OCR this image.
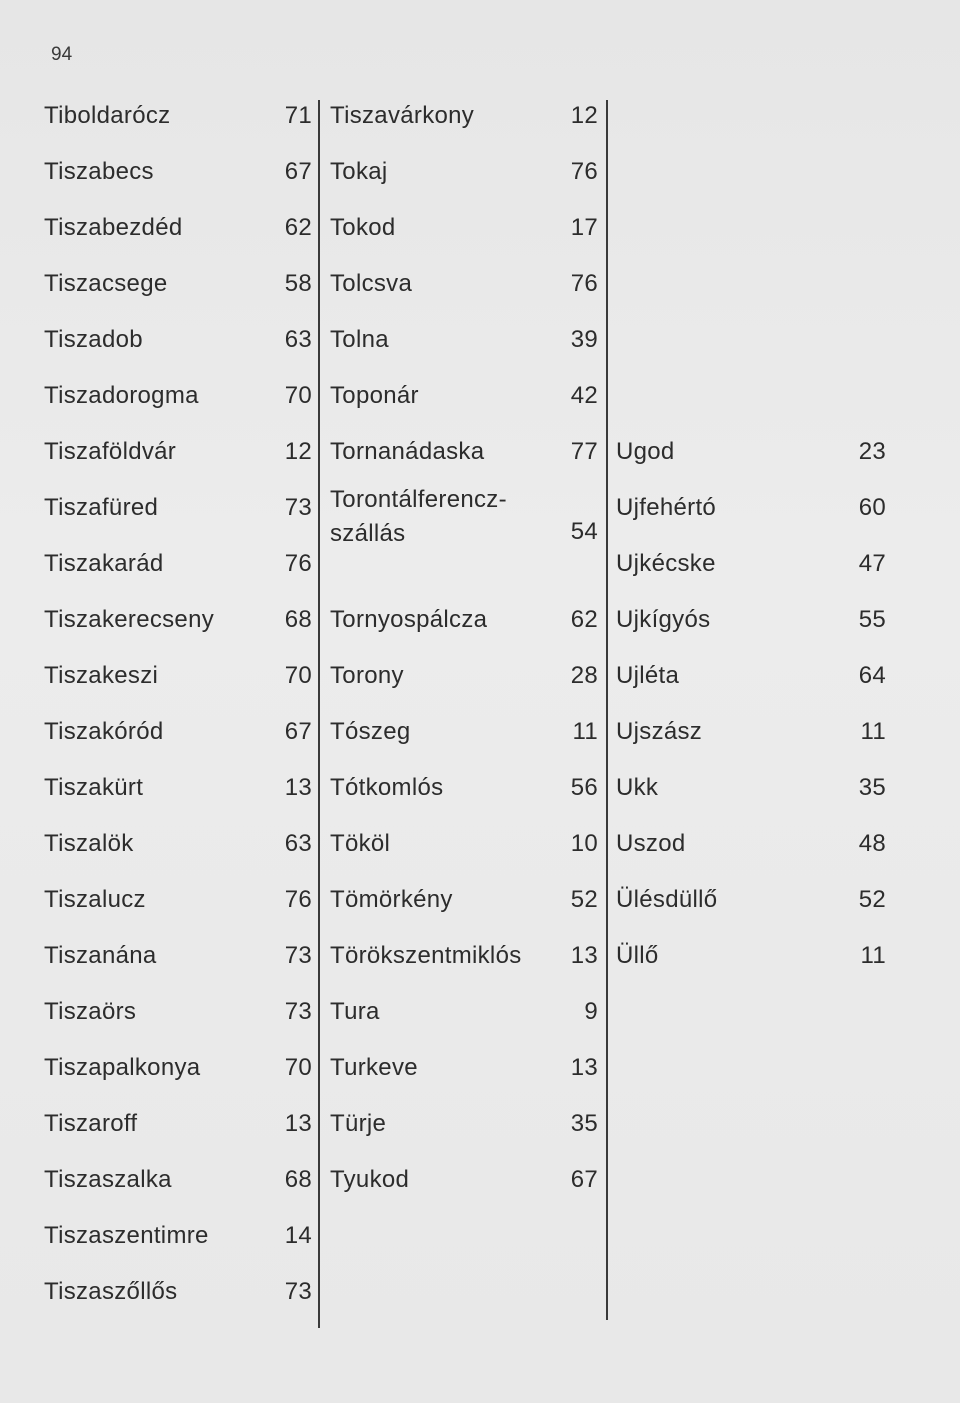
94
Tiboldarócz	71
Tiszabecs	67
Tiszabezdéd	62
Tiszacsege	58
Tiszadob	63
Tiszadorogma	70
Tiszaföldvár	12
Tiszafüred	73
Tiszakarád	76
Tiszakerecseny	68
Tiszakeszi	70
Tiszakóród	67
Tiszakürt	13
Tiszalök	63
Tiszalucz	76
Tiszanána	73
Tiszaörs	73
Tiszapalkonya	70
Tiszaroff	13
Tiszaszalka	68
Tiszaszentimre	14
Tiszaszőllős	73
Tiszavárkony	12
Tokaj	76
Tokod	17
Tolcsva	76
Tolna	39
Toponár	42
Tornanádaska	77
Torontálferencz-
szállás	54
Tornyospálcza	62
Torony	28
Tószeg	11
Tótkomlós	56
Tököl	10
Tömörkény	52
Törökszentmiklós 13
Tura	9
Turkeve	13
Türje	35
Tyukod	67
Ugod	23
Ujfehértó	60
Ujkécske	47
Ujkígyós	55
Ujléta	64
Ujszász	11
Ukk	35
Uszod	48
Ülésdüllő	52
Üllő	11
